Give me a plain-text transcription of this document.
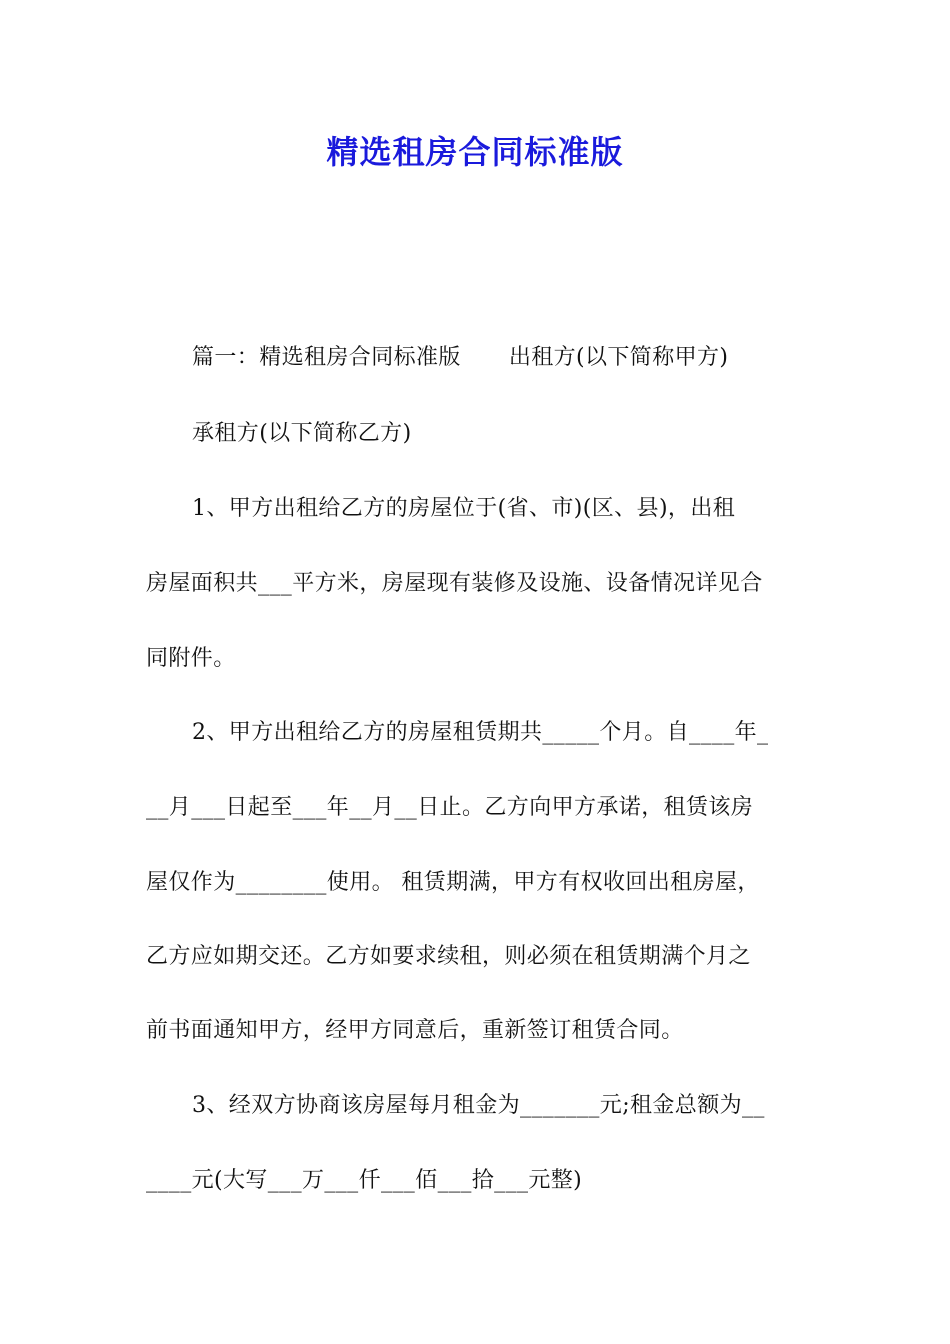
精选租房合同标准版
篇一：精选租房合同标准版 出租方(以下简称甲方)
承租方(以下简称乙方)
1、甲方出租给乙方的房屋位于(省、市)(区、县)，出租
房屋面积共___平方米，房屋现有装修及设施、设备情况详见合
同附件。
2、甲方出租给乙方的房屋租赁期共_____个月。自____年_
__月___日起至___年__月__日止。乙方向甲方承诺，租赁该房
屋仅作为________使用。 租赁期满，甲方有权收回出租房屋，
乙方应如期交还。乙方如要求续租，则必须在租赁期满个月之
前书面通知甲方，经甲方同意后，重新签订租赁合同。
3、经双方协商该房屋每月租金为_______元;租金总额为__
____元(大写___万___仟___佰___拾___元整)
